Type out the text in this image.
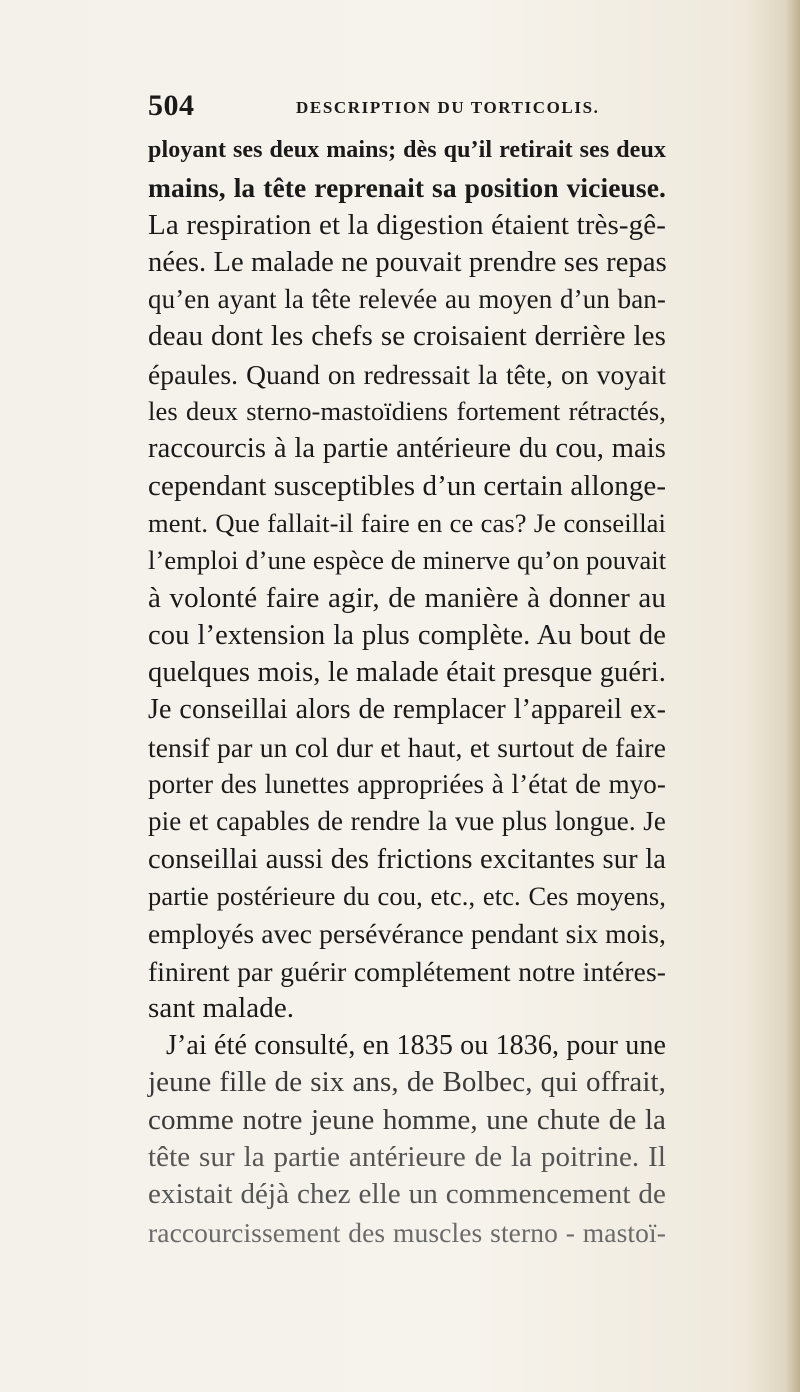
504	DESCRIPTION DU TORTICOLIS.
ployant ses deux mains; dès qu’il retirait ses deux
mains, la tête reprenait sa position vicieuse.
La respiration et la digestion étaient très-gê-
nées. Le malade ne pouvait prendre ses repas
qu’en ayant la tête relevée au moyen d’un ban-
deau dont les chefs se croisaient derrière les
épaules. Quand on redressait la tête, on voyait
les deux sterno-mastoïdiens fortement rétractés,
raccourcis à la partie antérieure du cou, mais
cependant susceptibles d’un certain allonge-
ment. Que fallait-il faire en ce cas? Je conseillai
l’emploi d’une espèce de minerve qu’on pouvait
à volonté faire agir, de manière à donner au
cou l’extension la plus complète. Au bout de
quelques mois, le malade était presque guéri.
Je conseillai alors de remplacer l’appareil ex-
tensif par un col dur et haut, et surtout de faire
porter des lunettes appropriées à l’état de myo-
pie et capables de rendre la vue plus longue. Je
conseillai aussi des frictions excitantes sur la
partie postérieure du cou, etc., etc. Ces moyens,
employés avec persévérance pendant six mois,
finirent par guérir complétement notre intéres-
sant malade.
J’ai été consulté, en 1835 ou 1836, pour une
jeune fille de six ans, de Bolbec, qui offrait,
comme notre jeune homme, une chute de la
tête sur la partie antérieure de la poitrine. Il
existait déjà chez elle un commencement de
raccourcissement des muscles sterno - mastoï-
